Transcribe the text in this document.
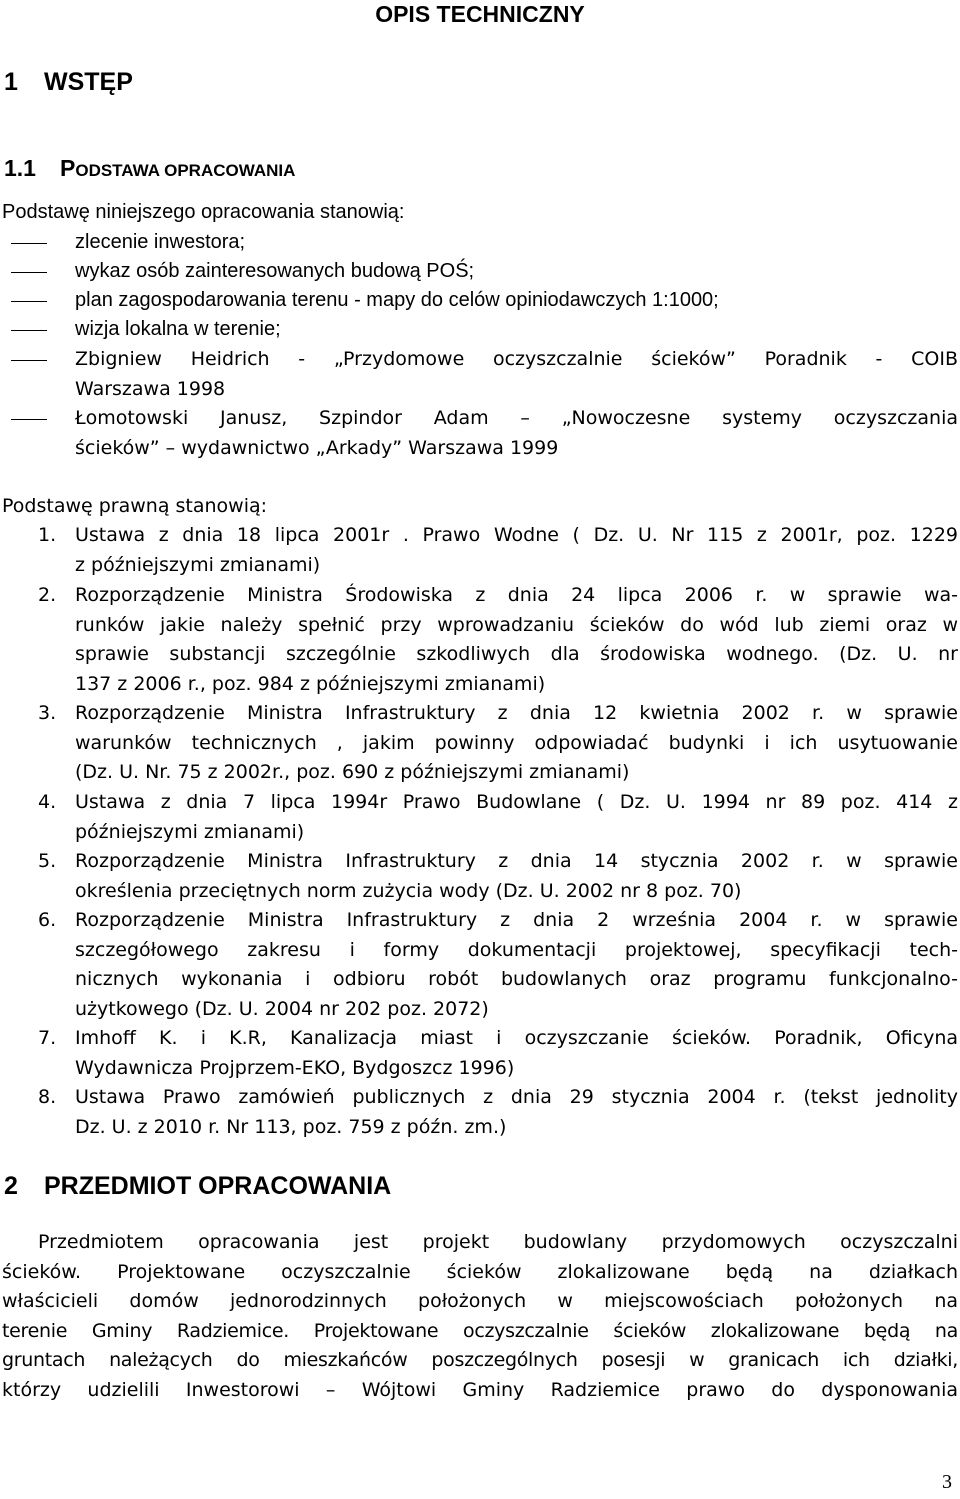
OPIS TECHNICZNY
1 WSTĘP
1.1 PODSTAWA OPRACOWANIA
Podstawę niniejszego opracowania stanowią:
zlecenie inwestora;
wykaz osób zainteresowanych budową POŚ;
plan zagospodarowania terenu - mapy do celów opiniodawczych 1:1000;
wizja lokalna w terenie;
Zbigniew Heidrich - „Przydomowe oczyszczalnie ścieków” Poradnik - COIB
Warszawa 1998
Łomotowski Janusz, Szpindor Adam – „Nowoczesne systemy oczyszczania
ścieków” – wydawnictwo „Arkady” Warszawa 1999
Podstawę prawną stanowią:
1. Ustawa z dnia 18 lipca 2001r . Prawo Wodne ( Dz. U. Nr 115 z 2001r, poz. 1229
z późniejszymi zmianami)
2. Rozporządzenie Ministra Środowiska z dnia 24 lipca 2006 r. w sprawie wa-
runków jakie należy spełnić przy wprowadzaniu ścieków do wód lub ziemi oraz w
sprawie substancji szczególnie szkodliwych dla środowiska wodnego. (Dz. U. nr
137 z 2006 r., poz. 984 z późniejszymi zmianami)
3. Rozporządzenie Ministra Infrastruktury z dnia 12 kwietnia 2002 r. w sprawie
warunków technicznych , jakim powinny odpowiadać budynki i ich usytuowanie
(Dz. U. Nr. 75 z 2002r., poz. 690 z późniejszymi zmianami)
4. Ustawa z dnia 7 lipca 1994r Prawo Budowlane ( Dz. U. 1994 nr 89 poz. 414 z
późniejszymi zmianami)
5. Rozporządzenie Ministra Infrastruktury z dnia 14 stycznia 2002 r. w sprawie
określenia przeciętnych norm zużycia wody (Dz. U. 2002 nr 8 poz. 70)
6. Rozporządzenie Ministra Infrastruktury z dnia 2 września 2004 r. w sprawie
szczegółowego zakresu i formy dokumentacji projektowej, specyfikacji tech-
nicznych wykonania i odbioru robót budowlanych oraz programu funkcjonalno-
użytkowego (Dz. U. 2004 nr 202 poz. 2072)
7. Imhoff K. i K.R, Kanalizacja miast i oczyszczanie ścieków. Poradnik, Oficyna
Wydawnicza Projprzem-EKO, Bydgoszcz 1996)
8. Ustawa Prawo zamówień publicznych z dnia 29 stycznia 2004 r. (tekst jednolity
Dz. U. z 2010 r. Nr 113, poz. 759 z późn. zm.)
2 PRZEDMIOT OPRACOWANIA
Przedmiotem opracowania jest projekt budowlany przydomowych oczyszczalni
ścieków. Projektowane oczyszczalnie ścieków zlokalizowane będą na działkach
właścicieli domów jednorodzinnych położonych w miejscowościach położonych na
terenie Gminy Radziemice. Projektowane oczyszczalnie ścieków zlokalizowane będą na
gruntach należących do mieszkańców poszczególnych posesji w granicach ich działki,
którzy udzielili Inwestorowi – Wójtowi Gminy Radziemice prawo do dysponowania
3
